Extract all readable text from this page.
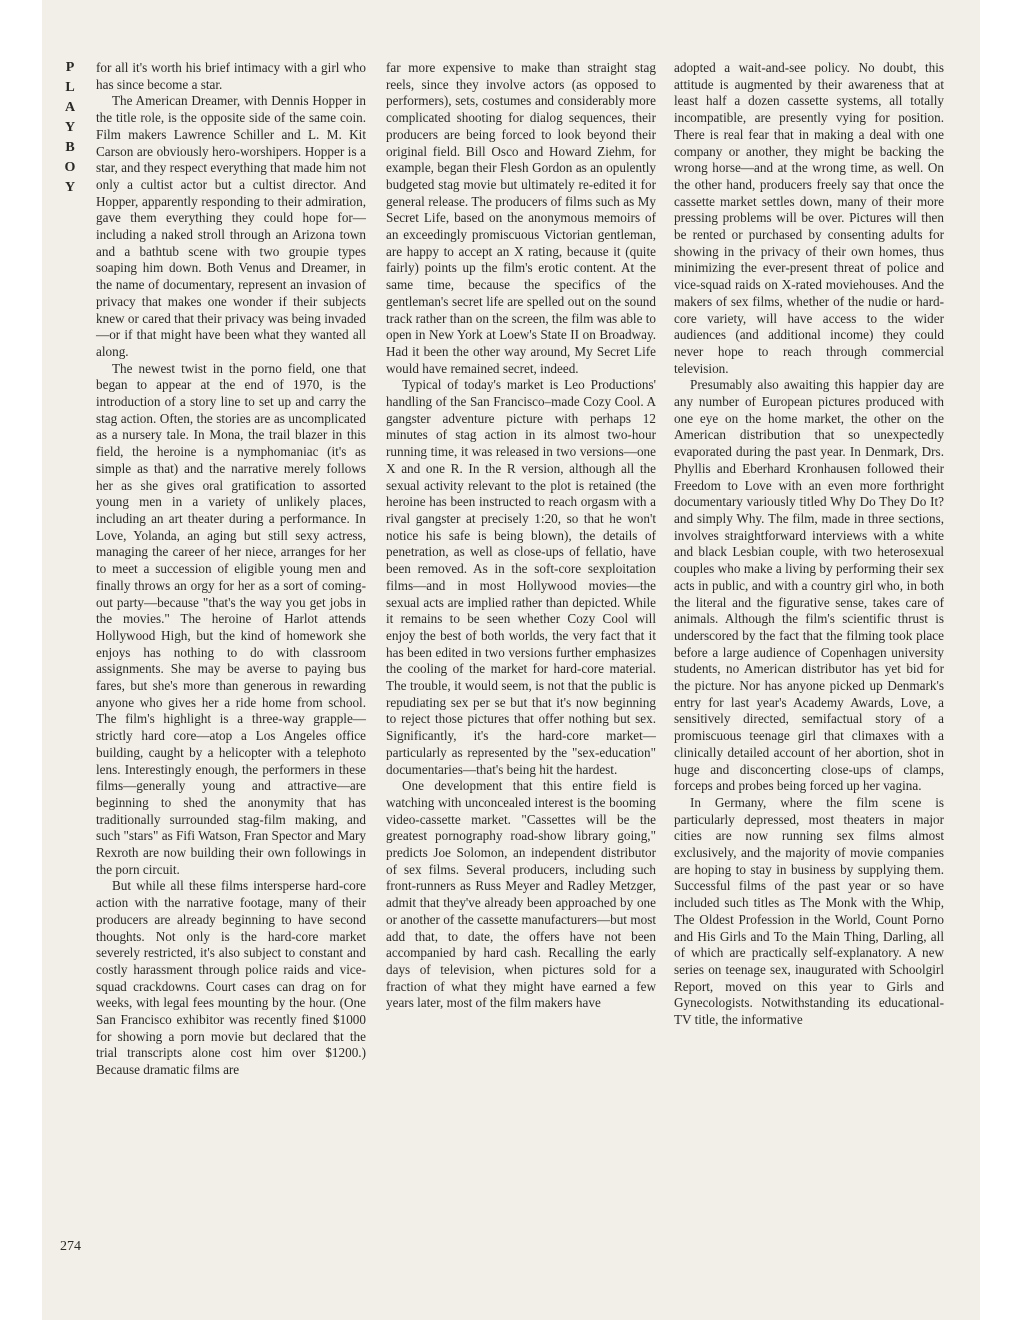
P
L
A
Y
B
O
Y
274

for all it's worth his brief intimacy with a girl who has since become a star.

The American Dreamer, with Dennis Hopper in the title role, is the opposite side of the same coin. Film makers Lawrence Schiller and L. M. Kit Carson are obviously hero-worshipers. Hopper is a star, and they respect everything that made him not only a cultist actor but a cultist director. And Hopper, apparently responding to their admiration, gave them everything they could hope for—including a naked stroll through an Arizona town and a bathtub scene with two groupie types soaping him down. Both Venus and Dreamer, in the name of documentary, represent an invasion of privacy that makes one wonder if their subjects knew or cared that their privacy was being invaded—or if that might have been what they wanted all along.

The newest twist in the porno field, one that began to appear at the end of 1970, is the introduction of a story line to set up and carry the stag action. Often, the stories are as uncomplicated as a nursery tale. In Mona, the trail blazer in this field, the heroine is a nymphomaniac (it's as simple as that) and the narrative merely follows her as she gives oral gratification to assorted young men in a variety of unlikely places, including an art theater during a performance. In Love, Yolanda, an aging but still sexy actress, managing the career of her niece, arranges for her to meet a succession of eligible young men and finally throws an orgy for her as a sort of coming-out party—because "that's the way you get jobs in the movies." The heroine of Harlot attends Hollywood High, but the kind of homework she enjoys has nothing to do with classroom assignments. She may be averse to paying bus fares, but she's more than generous in rewarding anyone who gives her a ride home from school. The film's highlight is a three-way grapple—strictly hard core—atop a Los Angeles office building, caught by a helicopter with a telephoto lens. Interestingly enough, the performers in these films—generally young and attractive—are beginning to shed the anonymity that has traditionally surrounded stag-film making, and such "stars" as Fifi Watson, Fran Spector and Mary Rexroth are now building their own followings in the porn circuit.

But while all these films intersperse hard-core action with the narrative footage, many of their producers are already beginning to have second thoughts. Not only is the hard-core market severely restricted, it's also subject to constant and costly harassment through police raids and vice-squad crackdowns. Court cases can drag on for weeks, with legal fees mounting by the hour. (One San Francisco exhibitor was recently fined $1000 for showing a porn movie but declared that the trial transcripts alone cost him over $1200.) Because dramatic films are

far more expensive to make than straight stag reels, since they involve actors (as opposed to performers), sets, costumes and considerably more complicated shooting for dialog sequences, their producers are being forced to look beyond their original field. Bill Osco and Howard Ziehm, for example, began their Flesh Gordon as an opulently budgeted stag movie but ultimately re-edited it for general release. The producers of films such as My Secret Life, based on the anonymous memoirs of an exceedingly promiscuous Victorian gentleman, are happy to accept an X rating, because it (quite fairly) points up the film's erotic content. At the same time, because the specifics of the gentleman's secret life are spelled out on the sound track rather than on the screen, the film was able to open in New York at Loew's State II on Broadway. Had it been the other way around, My Secret Life would have remained secret, indeed.

Typical of today's market is Leo Productions' handling of the San Francisco–made Cozy Cool. A gangster adventure picture with perhaps 12 minutes of stag action in its almost two-hour running time, it was released in two versions—one X and one R. In the R version, although all the sexual activity relevant to the plot is retained (the heroine has been instructed to reach orgasm with a rival gangster at precisely 1:20, so that he won't notice his safe is being blown), the details of penetration, as well as close-ups of fellatio, have been removed. As in the soft-core sexploitation films—and in most Hollywood movies—the sexual acts are implied rather than depicted. While it remains to be seen whether Cozy Cool will enjoy the best of both worlds, the very fact that it has been edited in two versions further emphasizes the cooling of the market for hard-core material. The trouble, it would seem, is not that the public is repudiating sex per se but that it's now beginning to reject those pictures that offer nothing but sex. Significantly, it's the hard-core market—particularly as represented by the "sex-education" documentaries—that's being hit the hardest.

One development that this entire field is watching with unconcealed interest is the booming video-cassette market. "Cassettes will be the greatest pornography road-show library going," predicts Joe Solomon, an independent distributor of sex films. Several producers, including such front-runners as Russ Meyer and Radley Metzger, admit that they've already been approached by one or another of the cassette manufacturers—but most add that, to date, the offers have not been accompanied by hard cash. Recalling the early days of television, when pictures sold for a fraction of what they might have earned a few years later, most of the film makers have

adopted a wait-and-see policy. No doubt, this attitude is augmented by their awareness that at least half a dozen cassette systems, all totally incompatible, are presently vying for position. There is real fear that in making a deal with one company or another, they might be backing the wrong horse—and at the wrong time, as well. On the other hand, producers freely say that once the cassette market settles down, many of their more pressing problems will be over. Pictures will then be rented or purchased by consenting adults for showing in the privacy of their own homes, thus minimizing the ever-present threat of police and vice-squad raids on X-rated moviehouses. And the makers of sex films, whether of the nudie or hard-core variety, will have access to the wider audiences (and additional income) they could never hope to reach through commercial television.

Presumably also awaiting this happier day are any number of European pictures produced with one eye on the home market, the other on the American distribution that so unexpectedly evaporated during the past year. In Denmark, Drs. Phyllis and Eberhard Kronhausen followed their Freedom to Love with an even more forthright documentary variously titled Why Do They Do It? and simply Why. The film, made in three sections, involves straightforward interviews with a white and black Lesbian couple, with two heterosexual couples who make a living by performing their sex acts in public, and with a country girl who, in both the literal and the figurative sense, takes care of animals. Although the film's scientific thrust is underscored by the fact that the filming took place before a large audience of Copenhagen university students, no American distributor has yet bid for the picture. Nor has anyone picked up Denmark's entry for last year's Academy Awards, Love, a sensitively directed, semifactual story of a promiscuous teenage girl that climaxes with a clinically detailed account of her abortion, shot in huge and disconcerting close-ups of clamps, forceps and probes being forced up her vagina.

In Germany, where the film scene is particularly depressed, most theaters in major cities are now running sex films almost exclusively, and the majority of movie companies are hoping to stay in business by supplying them. Successful films of the past year or so have included such titles as The Monk with the Whip, The Oldest Profession in the World, Count Porno and His Girls and To the Main Thing, Darling, all of which are practically self-explanatory. A new series on teenage sex, inaugurated with Schoolgirl Report, moved on this year to Girls and Gynecologists. Notwithstanding its educational-TV title, the informative
